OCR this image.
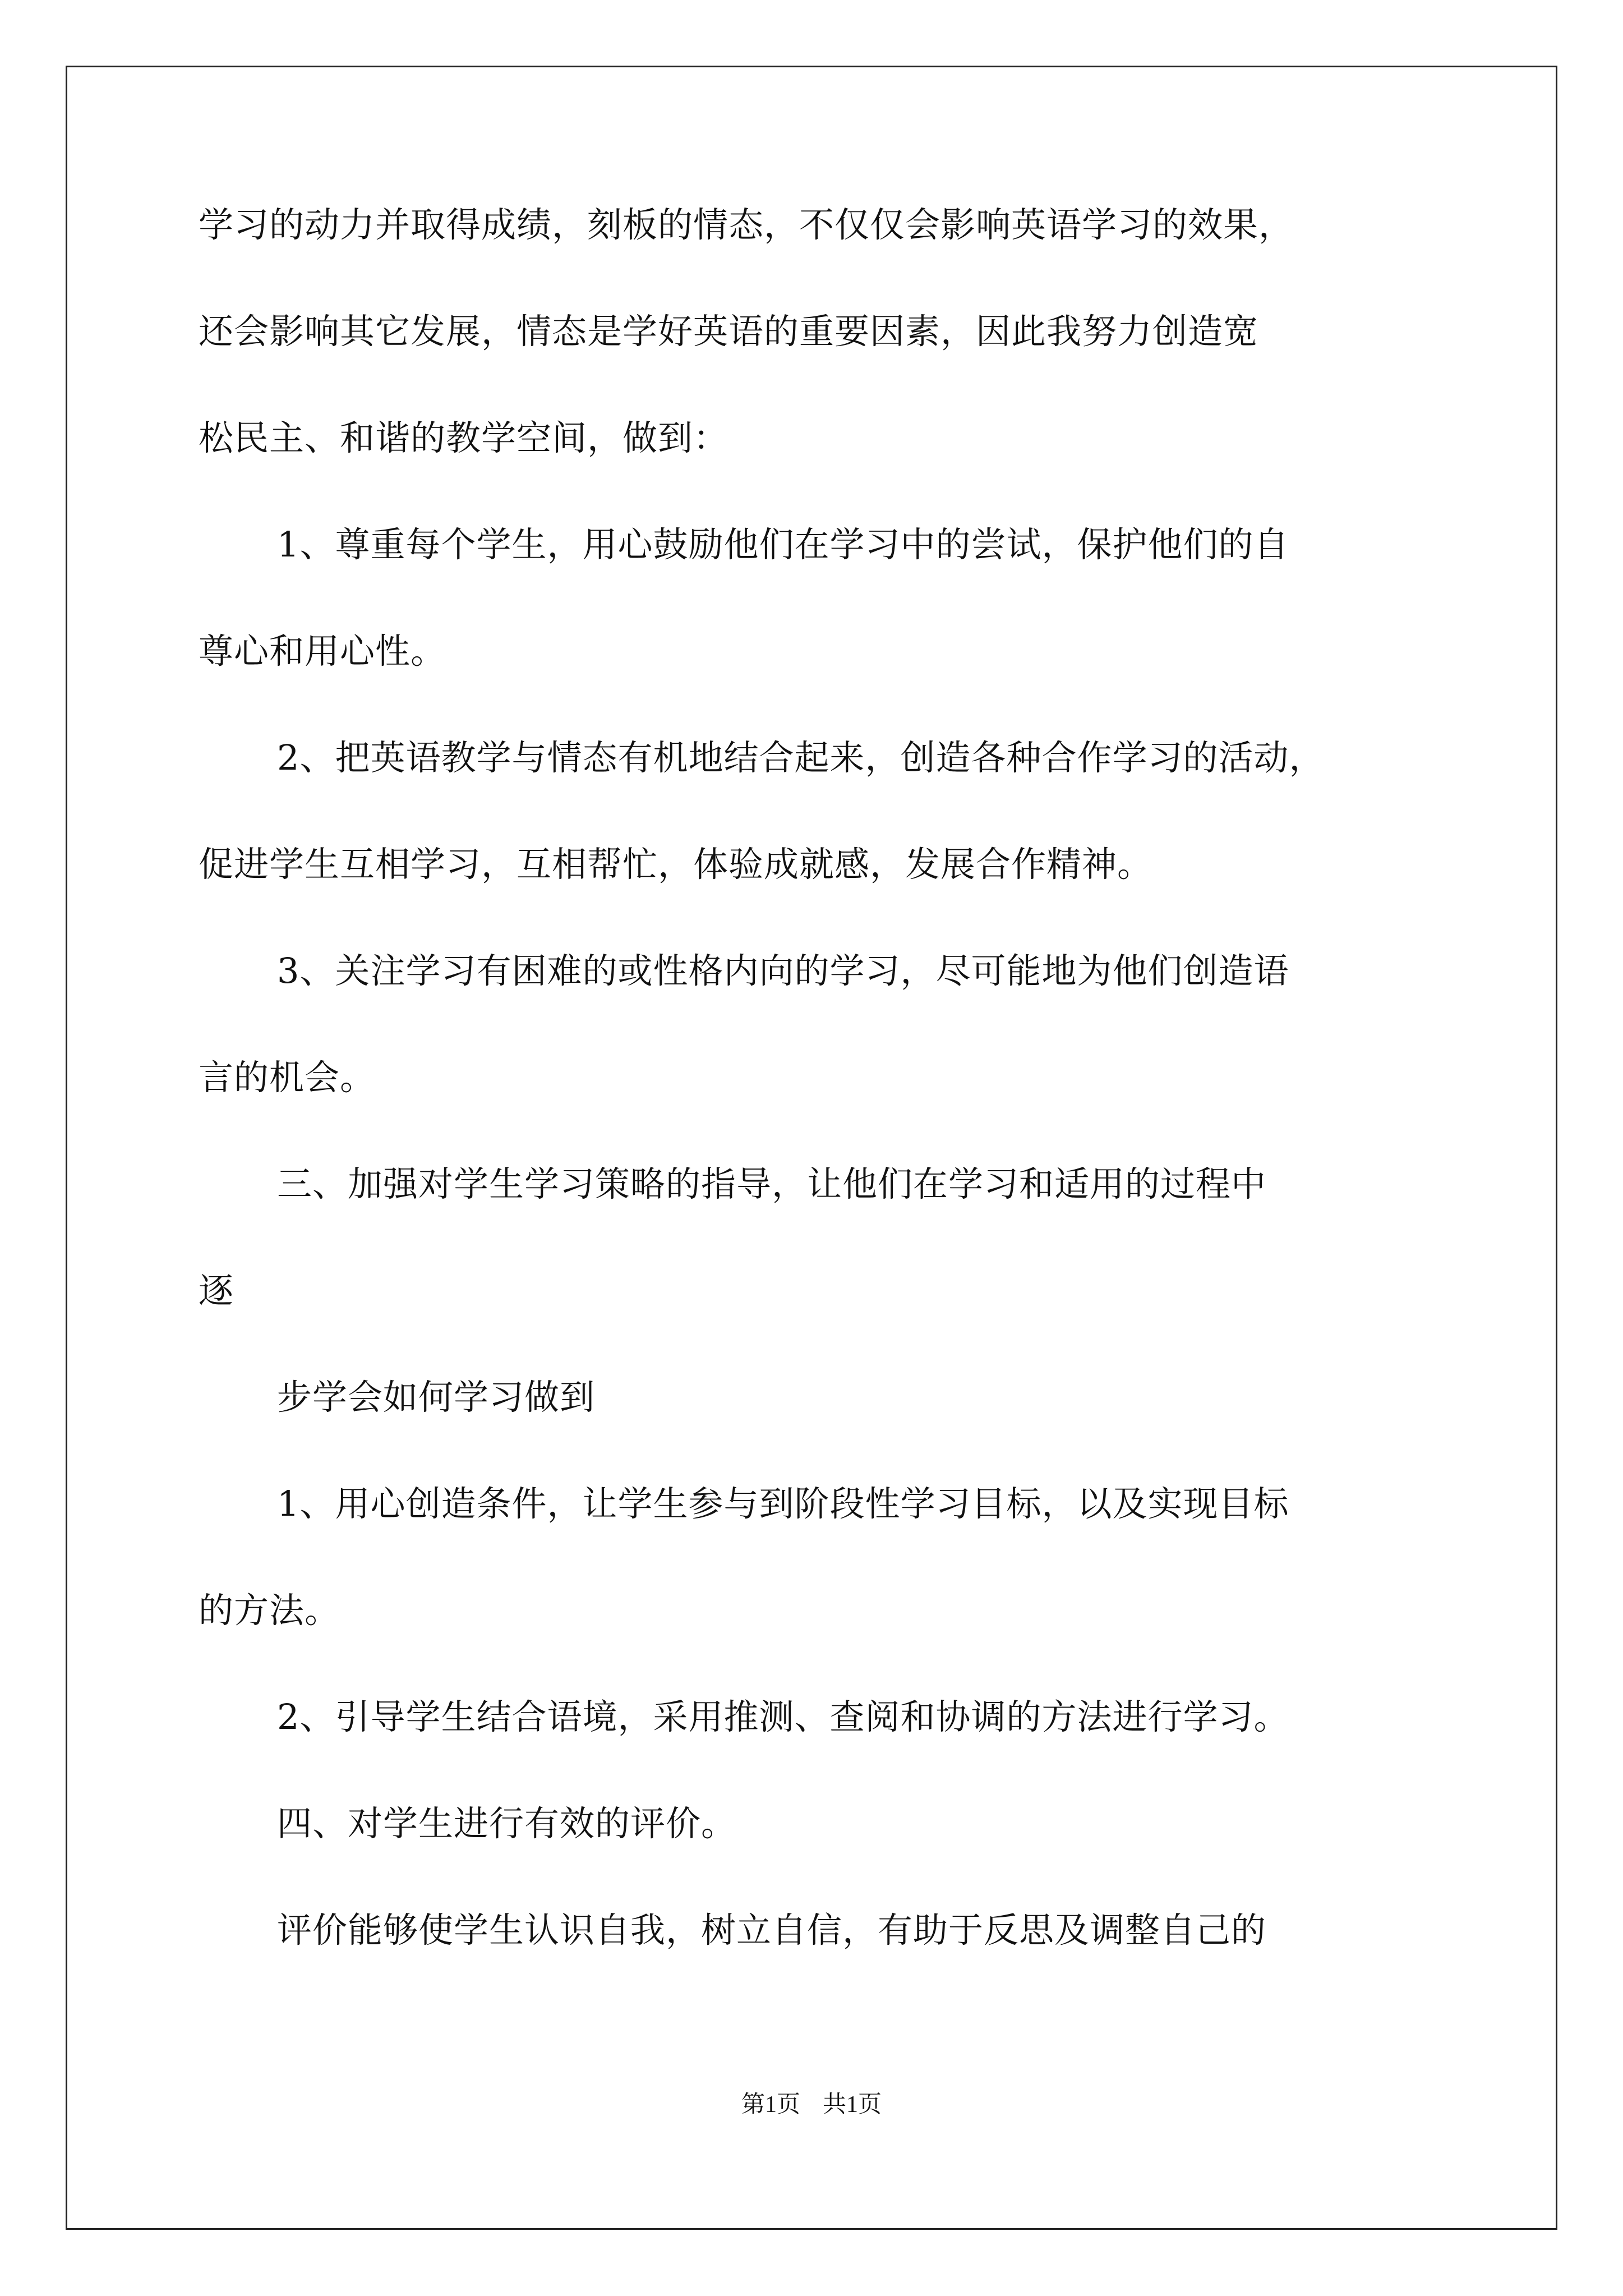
学习的动力并取得成绩，刻板的情态，不仅仅会影响英语学习的效果，
还会影响其它发展，情态是学好英语的重要因素，因此我努力创造宽
松民主、和谐的教学空间，做到：
1、尊重每个学生，用心鼓励他们在学习中的尝试，保护他们的自
尊心和用心性。
2、把英语教学与情态有机地结合起来，创造各种合作学习的活动，
促进学生互相学习，互相帮忙，体验成就感，发展合作精神。
3、关注学习有困难的或性格内向的学习，尽可能地为他们创造语
言的机会。
三、加强对学生学习策略的指导，让他们在学习和适用的过程中
逐
步学会如何学习做到
1、用心创造条件，让学生参与到阶段性学习目标，以及实现目标
的方法。
2、引导学生结合语境，采用推测、查阅和协调的方法进行学习。
四、对学生进行有效的评价。
评价能够使学生认识自我，树立自信，有助于反思及调整自己的
第1页 共1页
